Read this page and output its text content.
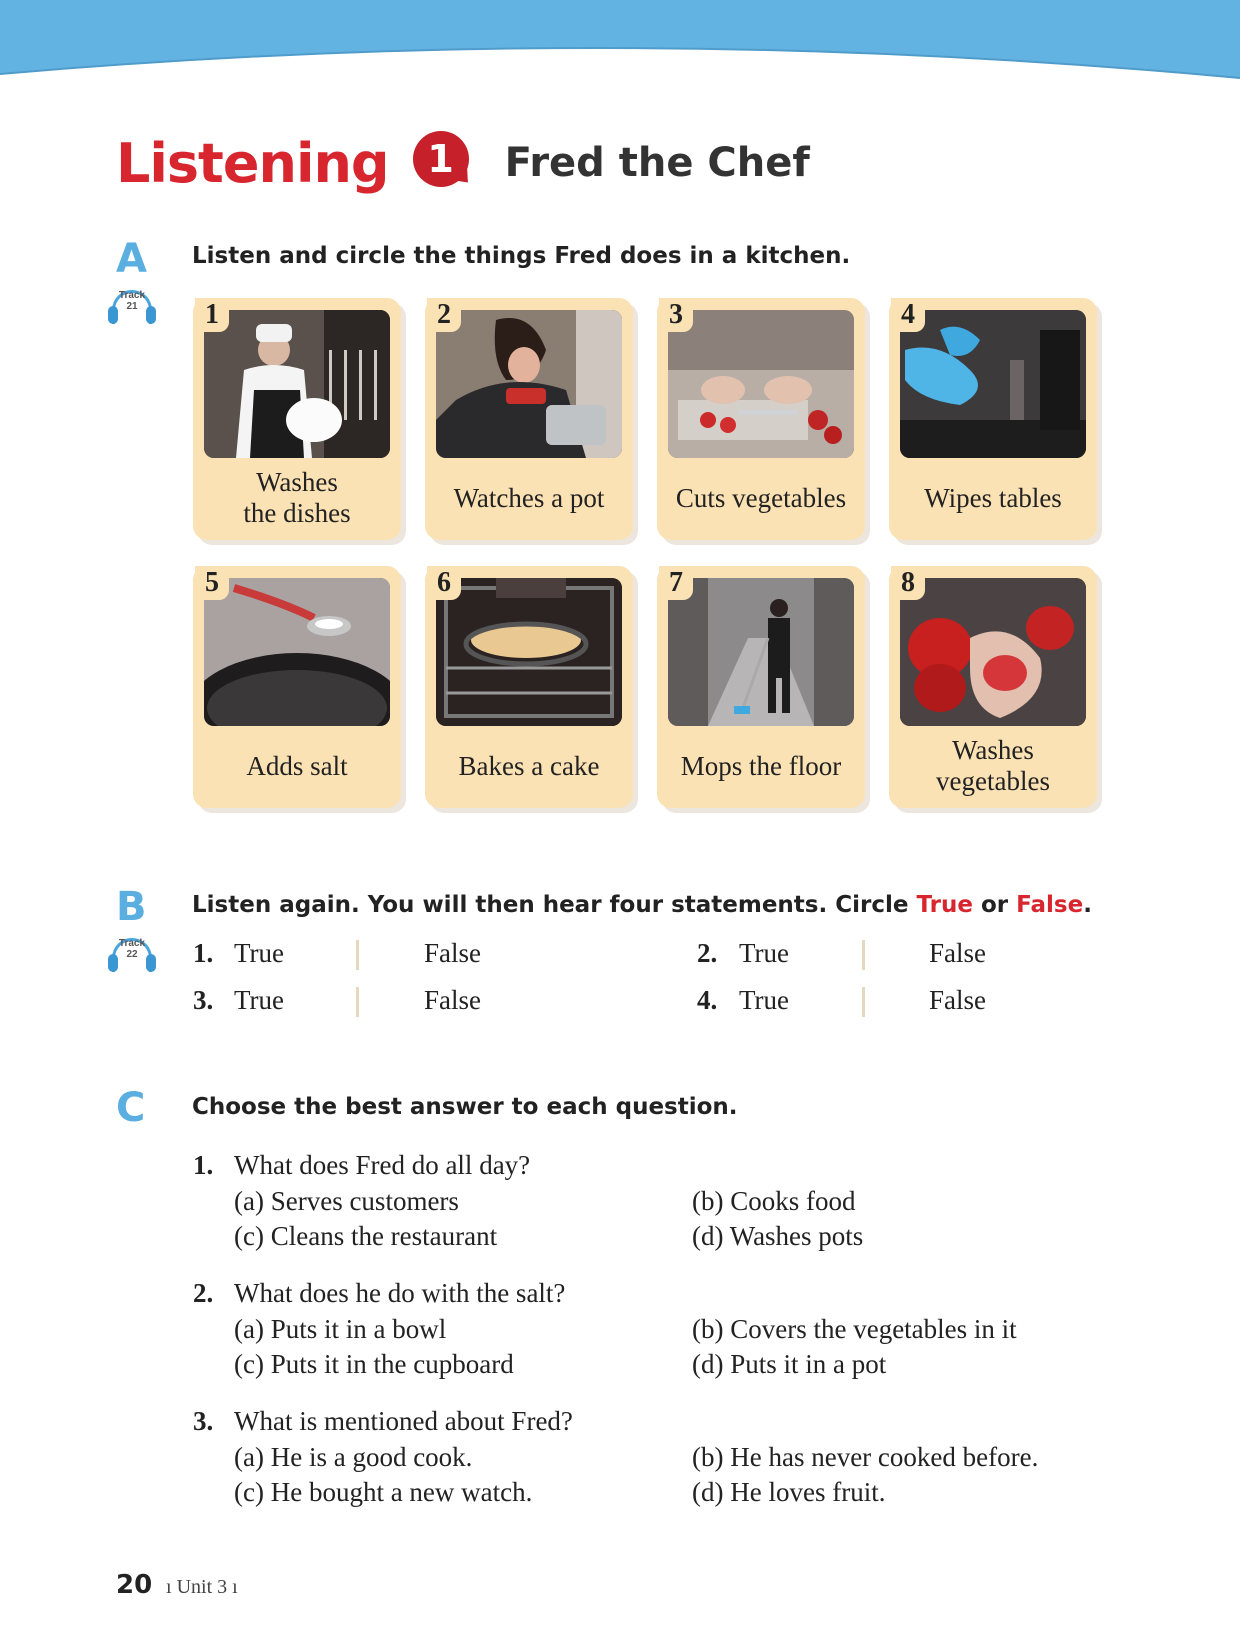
Listening	1	Fred the Chef
A
Track
21
Listen and circle the things Fred does in a kitchen.
1
Washes
the dishes
2
Watches a pot
3
Cuts vegetables
4
Wipes tables
5
Adds salt
6
Bakes a cake
7
Mops the floor
8
Washes
vegetables
B
Track
22
Listen again. You will then hear four statements. Circle True or False.
1. True	False	2. True	False
3. True	False	4. True	False
C Choose the best answer to each question.
1. What does Fred do all day?
(a) Serves customers	(b) Cooks food
(c) Cleans the restaurant	(d) Washes pots
2. What does he do with the salt?
(a) Puts it in a bowl	(b) Covers the vegetables in it
(c) Puts it in the cupboard	(d) Puts it in a pot
3. What is mentioned about Fred?
(a) He is a good cook.	(b) He has never cooked before.
(c) He bought a new watch.	(d) He loves fruit.
20 ı Unit 3 ı
